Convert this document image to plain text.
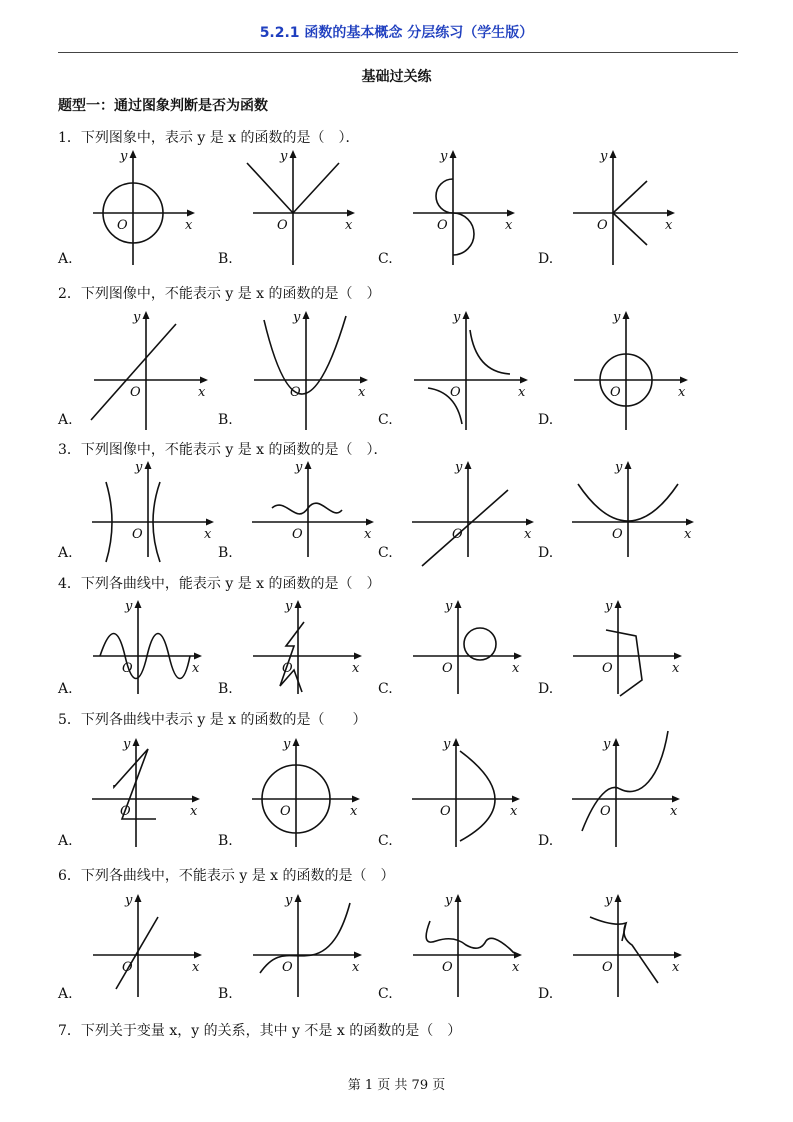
5.2.1 函数的基本概念 分层练习（学生版）
基础过关练
题型一：通过图象判断是否为函数
1．下列图象中，表示 y 是 x 的函数的是（　）．
2．下列图像中，不能表示 y 是 x 的函数的是（　）
3．下列图像中，不能表示 y 是 x 的函数的是（　）．
4．下列各曲线中，能表示 y 是 x 的函数的是（　）
5．下列各曲线中表示 y 是 x 的函数的是（　　）
6．下列各曲线中，不能表示 y 是 x 的函数的是（　）
7．下列关于变量 x，y 的关系，其中 y 不是 x 的函数的是（　）
x
y
O
A.
x
y
O
B.
x
y
O
C.
x
y
O
D.
x
y
O
A.
x
y
O
B.
x
y
O
C.
x
y
O
D.
x
y
O
A.
x
y
O
B.
x
y
O
C.
x
y
O
D.
x
y
O
A.
x
y
O
B.
x
y
O
C.
x
y
O
D.
x
y
O
A.
x
y
O
B.
x
y
O
C.
x
y
O
D.
x
y
O
A.
x
y
O
B.
x
y
O
C.
x
y
O
D.
第 1 页 共 79 页
